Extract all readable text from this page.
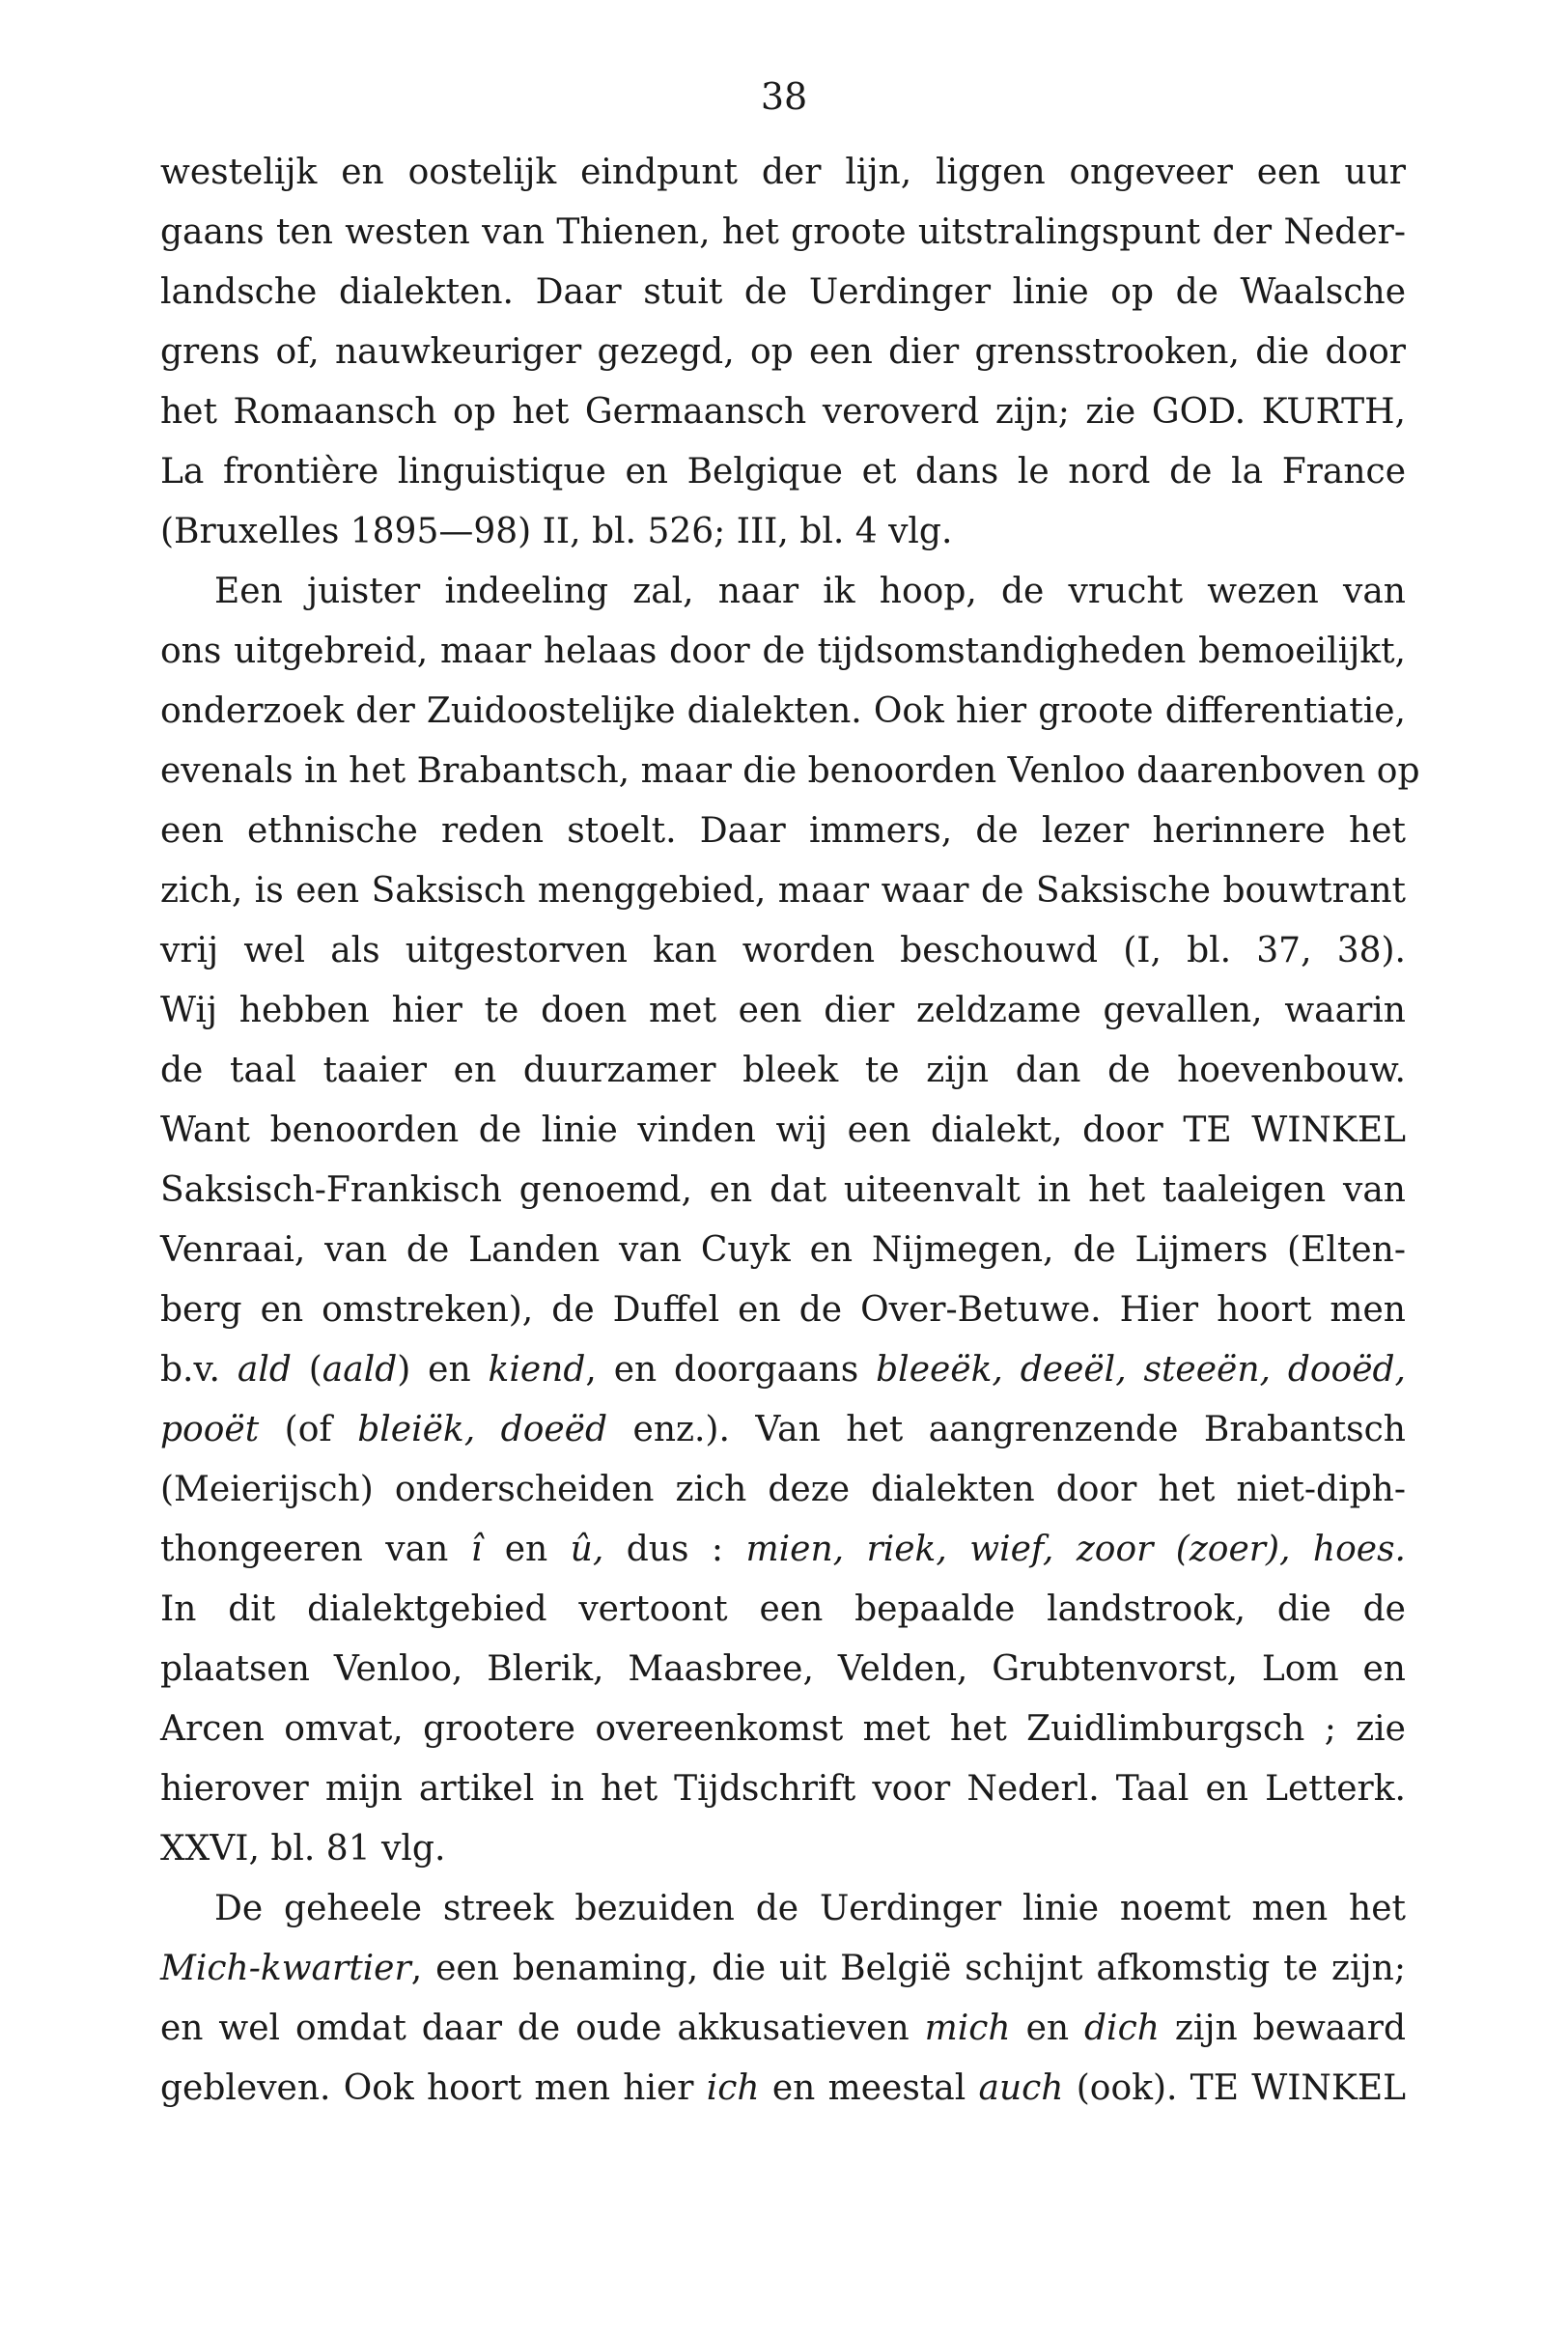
38
westelijk en oostelijk eindpunt der lijn, liggen ongeveer een uur
gaans ten westen van Thienen, het groote uitstralingspunt der Neder-
landsche dialekten. Daar stuit de Uerdinger linie op de Waalsche
grens of, nauwkeuriger gezegd, op een dier grensstrooken, die door
het Romaansch op het Germaansch veroverd zijn; zie GOD. KURTH,
La frontière linguistique en Belgique et dans le nord de la France
(Bruxelles 1895—98) II, bl. 526; III, bl. 4 vlg.
Een juister indeeling zal, naar ik hoop, de vrucht wezen van
ons uitgebreid, maar helaas door de tijdsomstandigheden bemoeilijkt,
onderzoek der Zuidoostelijke dialekten. Ook hier groote differentiatie,
evenals in het Brabantsch, maar die benoorden Venloo daarenboven op
een ethnische reden stoelt. Daar immers, de lezer herinnere het
zich, is een Saksisch menggebied, maar waar de Saksische bouwtrant
vrij wel als uitgestorven kan worden beschouwd (I, bl. 37, 38).
Wij hebben hier te doen met een dier zeldzame gevallen, waarin
de taal taaier en duurzamer bleek te zijn dan de hoevenbouw.
Want benoorden de linie vinden wij een dialekt, door TE WINKEL
Saksisch-Frankisch genoemd, en dat uiteenvalt in het taaleigen van
Venraai, van de Landen van Cuyk en Nijmegen, de Lijmers (Elten-
berg en omstreken), de Duffel en de Over-Betuwe. Hier hoort men
b.v. ald (aald) en kiend, en doorgaans bleeëk, deeël, steeën, dooëd,
pooët (of bleiëk, doeëd enz.). Van het aangrenzende Brabantsch
(Meierijsch) onderscheiden zich deze dialekten door het niet-diph-
thongeeren van î en û, dus : mien, riek, wief, zoor (zoer), hoes.
In dit dialektgebied vertoont een bepaalde landstrook, die de
plaatsen Venloo, Blerik, Maasbree, Velden, Grubtenvorst, Lom en
Arcen omvat, grootere overeenkomst met het Zuidlimburgsch ; zie
hierover mijn artikel in het Tijdschrift voor Nederl. Taal en Letterk.
XXVI, bl. 81 vlg.
De geheele streek bezuiden de Uerdinger linie noemt men het
Mich-kwartier, een benaming, die uit België schijnt afkomstig te zijn;
en wel omdat daar de oude akkusatieven mich en dich zijn bewaard
gebleven. Ook hoort men hier ich en meestal auch (ook). TE WINKEL
